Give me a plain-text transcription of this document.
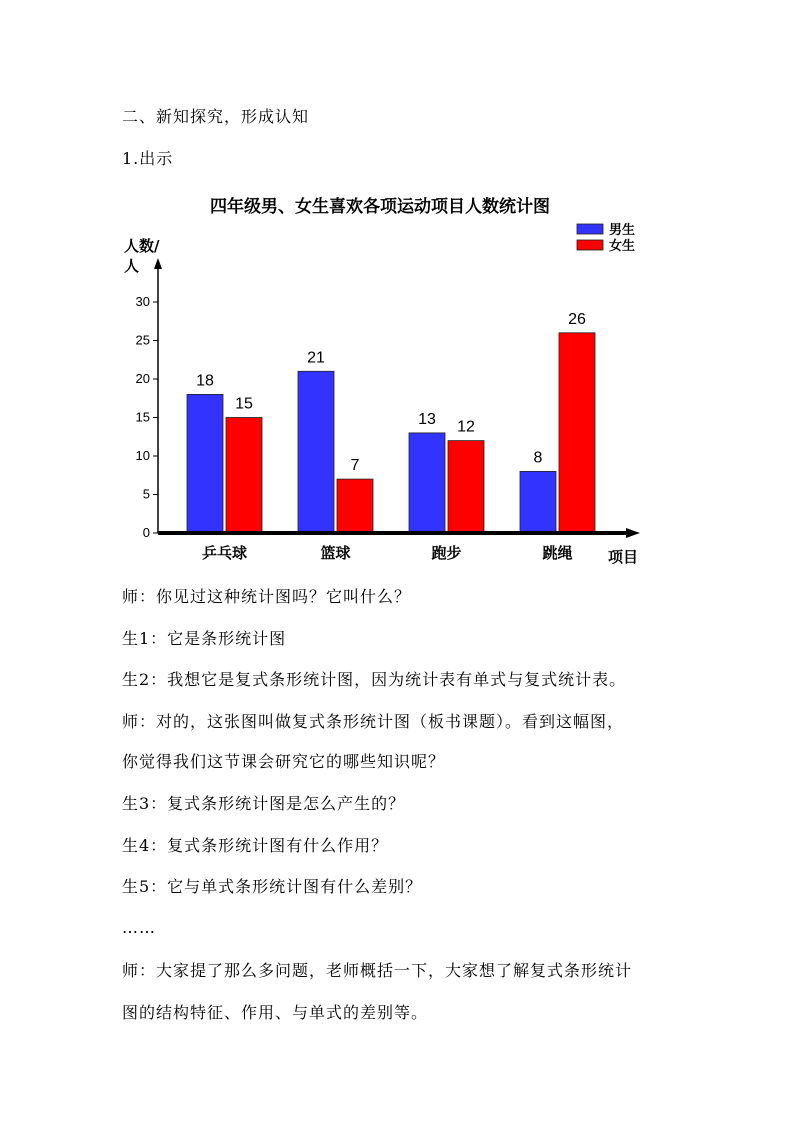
二、新知探究，形成认知
1.出示
四年级男、女生喜欢各项运动项目人数统计图
人数/
人
男生
女生
0
5
10
15
20
25
30
18
15
21
7
13 12
8
26
乒乓球	篮球	跑步	跳绳 项目
师：你见过这种统计图吗？它叫什么？
生1：它是条形统计图
生2：我想它是复式条形统计图，因为统计表有单式与复式统计表。
师：对的，这张图叫做复式条形统计图（板书课题）。看到这幅图，
你觉得我们这节课会研究它的哪些知识呢？
生3：复式条形统计图是怎么产生的？
生4：复式条形统计图有什么作用？
生5：它与单式条形统计图有什么差别？
……
师：大家提了那么多问题，老师概括一下，大家想了解复式条形统计
图的结构特征、作用、与单式的差别等。
